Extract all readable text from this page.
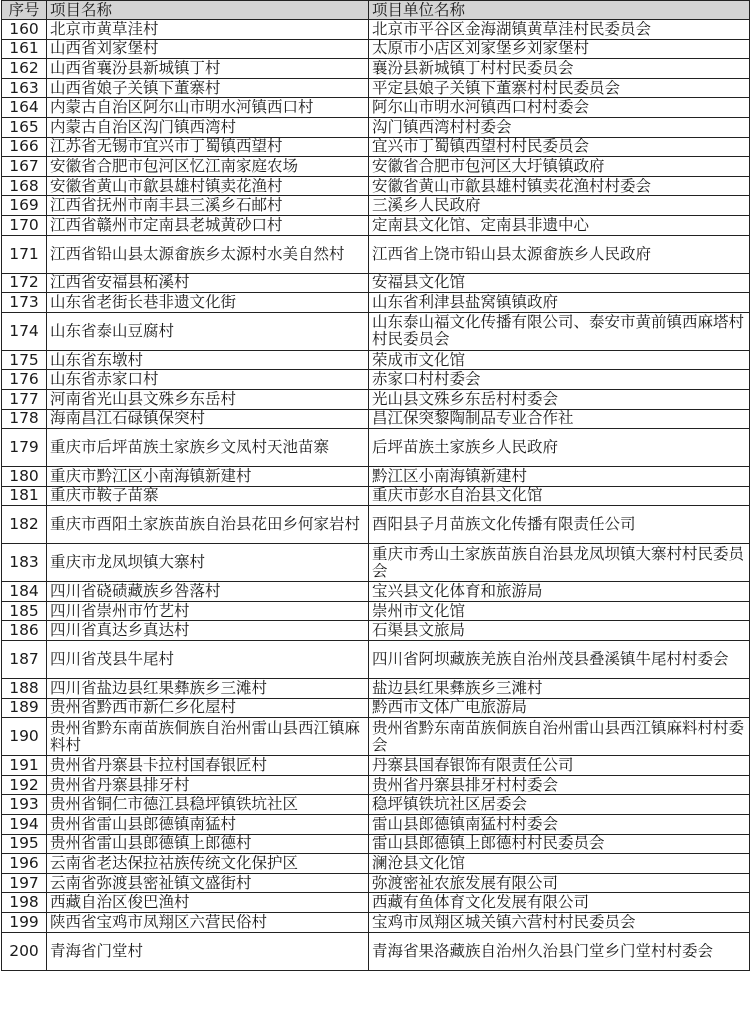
序号	项目名称	项目单位名称
160	北京市黄草洼村	北京市平谷区金海湖镇黄草洼村民委员会
161	山西省刘家堡村	太原市小店区刘家堡乡刘家堡村
162	山西省襄汾县新城镇丁村	襄汾县新城镇丁村村民委员会
163	山西省娘子关镇下董寨村	平定县娘子关镇下董寨村村民委员会
164	内蒙古自治区阿尔山市明水河镇西口村	阿尔山市明水河镇西口村村委会
165	内蒙古自治区沟门镇西湾村	沟门镇西湾村村委会
166	江苏省无锡市宜兴市丁蜀镇西望村	宜兴市丁蜀镇西望村村民委员会
167	安徽省合肥市包河区忆江南家庭农场	安徽省合肥市包河区大圩镇镇政府
168	安徽省黄山市歙县雄村镇卖花渔村	安徽省黄山市歙县雄村镇卖花渔村村委会
169	江西省抚州市南丰县三溪乡石邮村	三溪乡人民政府
170	江西省赣州市定南县老城黄砂口村	定南县文化馆、定南县非遗中心
171	江西省铅山县太源畲族乡太源村水美自然村	江西省上饶市铅山县太源畲族乡人民政府
172	江西省安福县柘溪村	安福县文化馆
173	山东省老街长巷非遗文化街	山东省利津县盐窝镇镇政府
174	山东省泰山豆腐村	山东泰山福文化传播有限公司、泰安市黄前镇西麻塔村村民委员会
175	山东省东墩村	荣成市文化馆
176	山东省赤家口村	赤家口村村委会
177	河南省光山县文殊乡东岳村	光山县文殊乡东岳村村委会
178	海南昌江石碌镇保突村	昌江保突黎陶制品专业合作社
179	重庆市后坪苗族土家族乡文凤村天池苗寨	后坪苗族土家族乡人民政府
180	重庆市黔江区小南海镇新建村	黔江区小南海镇新建村
181	重庆市鞍子苗寨	重庆市彭水自治县文化馆
182	重庆市酉阳土家族苗族自治县花田乡何家岩村	酉阳县子月苗族文化传播有限责任公司
183	重庆市龙凤坝镇大寨村	重庆市秀山土家族苗族自治县龙凤坝镇大寨村村民委员会
184	四川省硗碛藏族乡咎落村	宝兴县文化体育和旅游局
185	四川省崇州市竹艺村	崇州市文化馆
186	四川省真达乡真达村	石渠县文旅局
187	四川省茂县牛尾村	四川省阿坝藏族羌族自治州茂县叠溪镇牛尾村村委会
188	四川省盐边县红果彝族乡三滩村	盐边县红果彝族乡三滩村
189	贵州省黔西市新仁乡化屋村	黔西市文体广电旅游局
190	贵州省黔东南苗族侗族自治州雷山县西江镇麻料村	贵州省黔东南苗族侗族自治州雷山县西江镇麻料村村委会
191	贵州省丹寨县卡拉村国春银匠村	丹寨县国春银饰有限责任公司
192	贵州省丹寨县排牙村	贵州省丹寨县排牙村村委会
193	贵州省铜仁市德江县稳坪镇铁坑社区	稳坪镇铁坑社区居委会
194	贵州省雷山县郎德镇南猛村	雷山县郎德镇南猛村村委会
195	贵州省雷山县郎德镇上郎德村	雷山县郎德镇上郎德村村民委员会
196	云南省老达保拉祜族传统文化保护区	澜沧县文化馆
197	云南省弥渡县密祉镇文盛街村	弥渡密祉农旅发展有限公司
198	西藏自治区俊巴渔村	西藏有鱼体育文化发展有限公司
199	陕西省宝鸡市凤翔区六营民俗村	宝鸡市凤翔区城关镇六营村村民委员会
200	青海省门堂村	青海省果洛藏族自治州久治县门堂乡门堂村村委会
